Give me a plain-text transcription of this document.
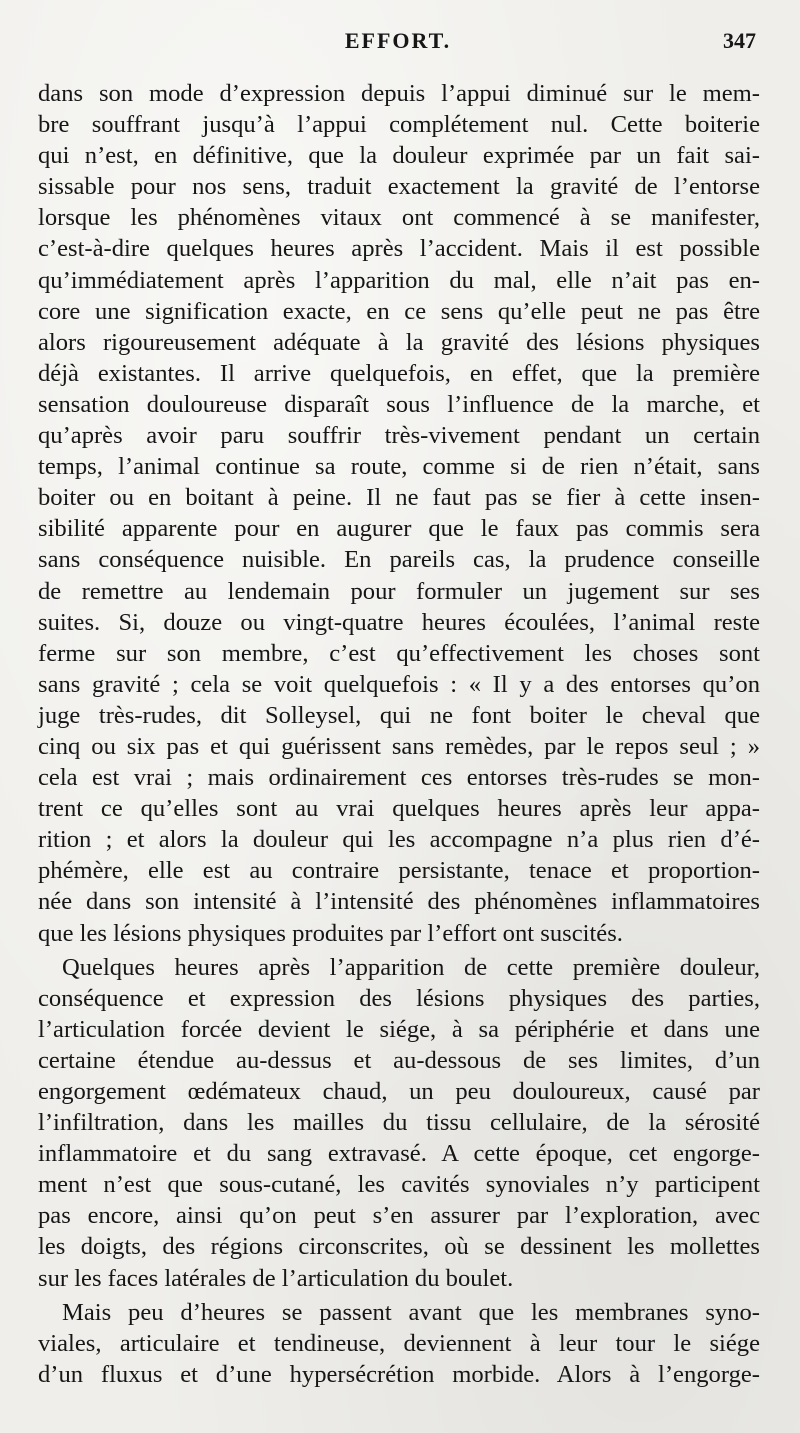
EFFORT.	347
dans son mode d’expression depuis l’appui diminué sur le mem-
bre souffrant jusqu’à l’appui complétement nul. Cette boiterie
qui n’est, en définitive, que la douleur exprimée par un fait sai-
sissable pour nos sens, traduit exactement la gravité de l’entorse
lorsque les phénomènes vitaux ont commencé à se manifester,
c’est-à-dire quelques heures après l’accident. Mais il est possible
qu’immédiatement après l’apparition du mal, elle n’ait pas en-
core une signification exacte, en ce sens qu’elle peut ne pas être
alors rigoureusement adéquate à la gravité des lésions physiques
déjà existantes. Il arrive quelquefois, en effet, que la première
sensation douloureuse disparaît sous l’influence de la marche, et
qu’après avoir paru souffrir très-vivement pendant un certain
temps, l’animal continue sa route, comme si de rien n’était, sans
boiter ou en boitant à peine. Il ne faut pas se fier à cette insen-
sibilité apparente pour en augurer que le faux pas commis sera
sans conséquence nuisible. En pareils cas, la prudence conseille
de remettre au lendemain pour formuler un jugement sur ses
suites. Si, douze ou vingt-quatre heures écoulées, l’animal reste
ferme sur son membre, c’est qu’effectivement les choses sont
sans gravité ; cela se voit quelquefois : « Il y a des entorses qu’on
juge très-rudes, dit Solleysel, qui ne font boiter le cheval que
cinq ou six pas et qui guérissent sans remèdes, par le repos seul ; »
cela est vrai ; mais ordinairement ces entorses très-rudes se mon-
trent ce qu’elles sont au vrai quelques heures après leur appa-
rition ; et alors la douleur qui les accompagne n’a plus rien d’é-
phémère, elle est au contraire persistante, tenace et proportion-
née dans son intensité à l’intensité des phénomènes inflammatoires
que les lésions physiques produites par l’effort ont suscités.
Quelques heures après l’apparition de cette première douleur,
conséquence et expression des lésions physiques des parties,
l’articulation forcée devient le siége, à sa périphérie et dans une
certaine étendue au-dessus et au-dessous de ses limites, d’un
engorgement œdémateux chaud, un peu douloureux, causé par
l’infiltration, dans les mailles du tissu cellulaire, de la sérosité
inflammatoire et du sang extravasé. A cette époque, cet engorge-
ment n’est que sous-cutané, les cavités synoviales n’y participent
pas encore, ainsi qu’on peut s’en assurer par l’exploration, avec
les doigts, des régions circonscrites, où se dessinent les mollettes
sur les faces latérales de l’articulation du boulet.
Mais peu d’heures se passent avant que les membranes syno-
viales, articulaire et tendineuse, deviennent à leur tour le siége
d’un fluxus et d’une hypersécrétion morbide. Alors à l’engorge-
